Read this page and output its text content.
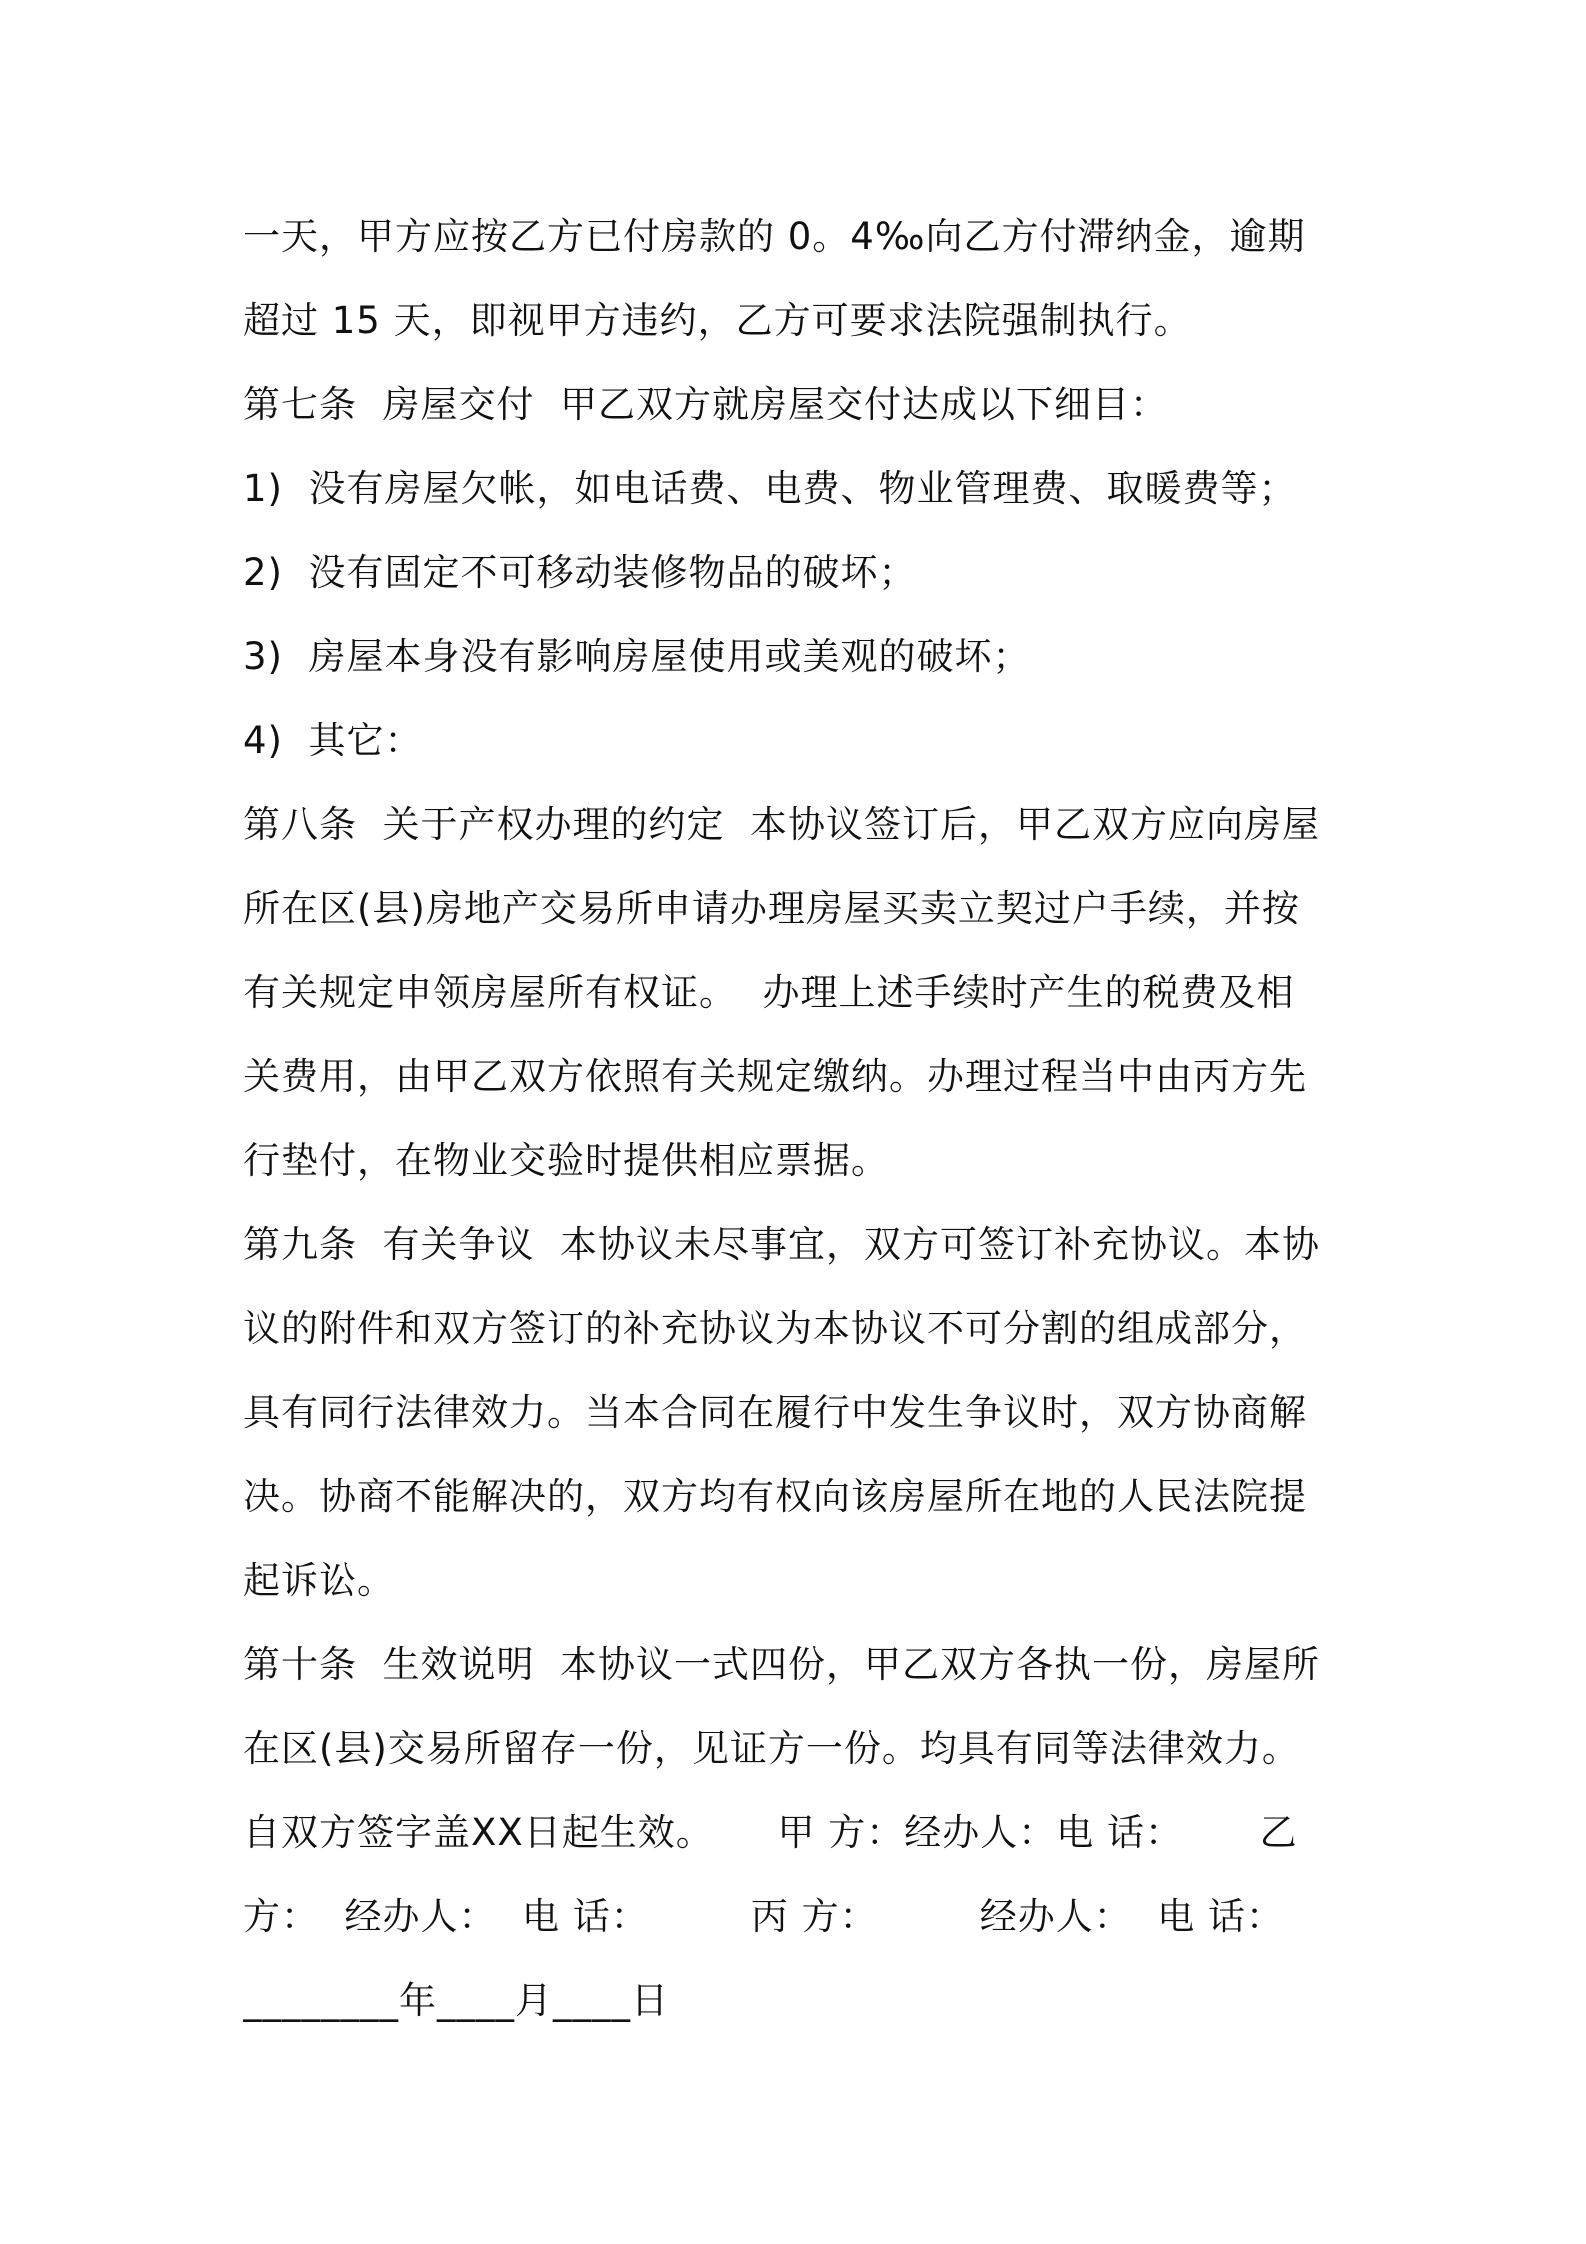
一天，甲方应按乙方已付房款的 0。4‰向乙方付滞纳金，逾期
超过 15 天，即视甲方违约，乙方可要求法院强制执行。
第七条  房屋交付  甲乙双方就房屋交付达成以下细目：
1)  没有房屋欠帐，如电话费、电费、物业管理费、取暖费等；
2)  没有固定不可移动装修物品的破坏；
3)  房屋本身没有影响房屋使用或美观的破坏；
4)  其它：
第八条  关于产权办理的约定  本协议签订后，甲乙双方应向房屋
所在区(县)房地产交易所申请办理房屋买卖立契过户手续，并按
有关规定申领房屋所有权证。  办理上述手续时产生的税费及相
关费用，由甲乙双方依照有关规定缴纳。办理过程当中由丙方先
行垫付，在物业交验时提供相应票据。
第九条  有关争议  本协议未尽事宜，双方可签订补充协议。本协
议的附件和双方签订的补充协议为本协议不可分割的组成部分，
具有同行法律效力。当本合同在履行中发生争议时，双方协商解
决。协商不能解决的，双方均有权向该房屋所在地的人民法院提
起诉讼。
第十条  生效说明  本协议一式四份，甲乙双方各执一份，房屋所
在区(县)交易所留存一份，见证方一份。均具有同等法律效力。
自双方签字盖XX日起生效。     甲 方：经办人：电 话：      乙
方：  经办人：  电 话：        丙 方：        经办人：  电 话：
________年____月____日
